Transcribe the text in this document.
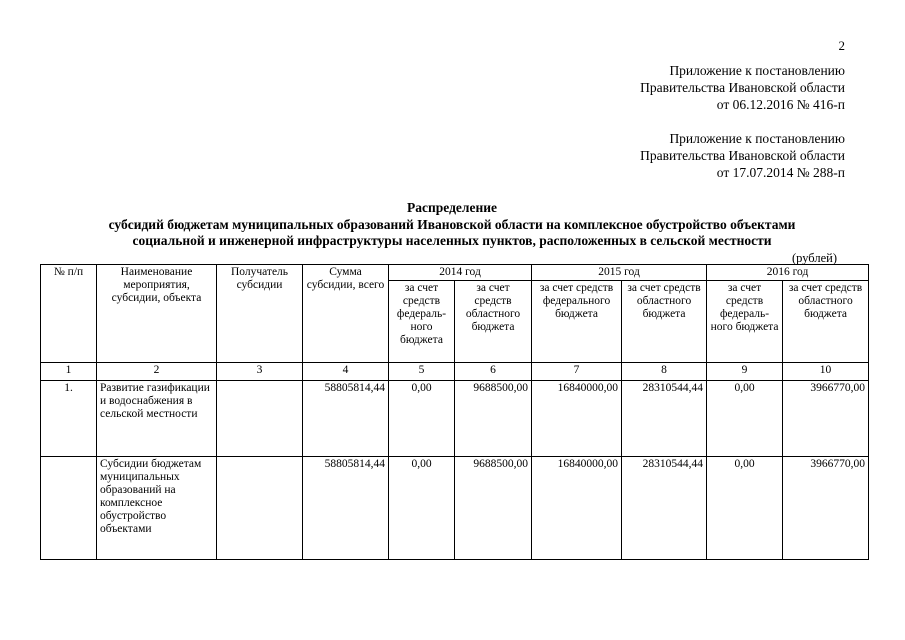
2
Приложение к постановлению
Правительства Ивановской области
от 06.12.2016 № 416-п
Приложение к постановлению
Правительства Ивановской области
от 17.07.2014 № 288-п
Распределение
субсидий бюджетам муниципальных образований Ивановской области на комплексное обустройство объектами
социальной и инженерной инфраструктуры населенных пунктов, расположенных в сельской местности
(рублей)
№ п/п	Наименование мероприятия, субсидии, объекта	Получатель субсидии	Сумма субсидии, всего	2014 год		2015 год		2016 год	
				за счет средств федераль-ного бюджета	за счет средств областного бюджета	за счет средств федерального бюджета	за счет средств областного бюджета	за счет средств федераль-ного бюджета	за счет средств областного бюджета
1	2	3	4	5	6	7	8	9	10
1.	Развитие газификации и водоснабжения в сельской местности		58805814,44	0,00	9688500,00	16840000,00	28310544,44	0,00	3966770,00
	Субсидии бюджетам муниципальных образований на комплексное обустройство объектами		58805814,44	0,00	9688500,00	16840000,00	28310544,44	0,00	3966770,00
